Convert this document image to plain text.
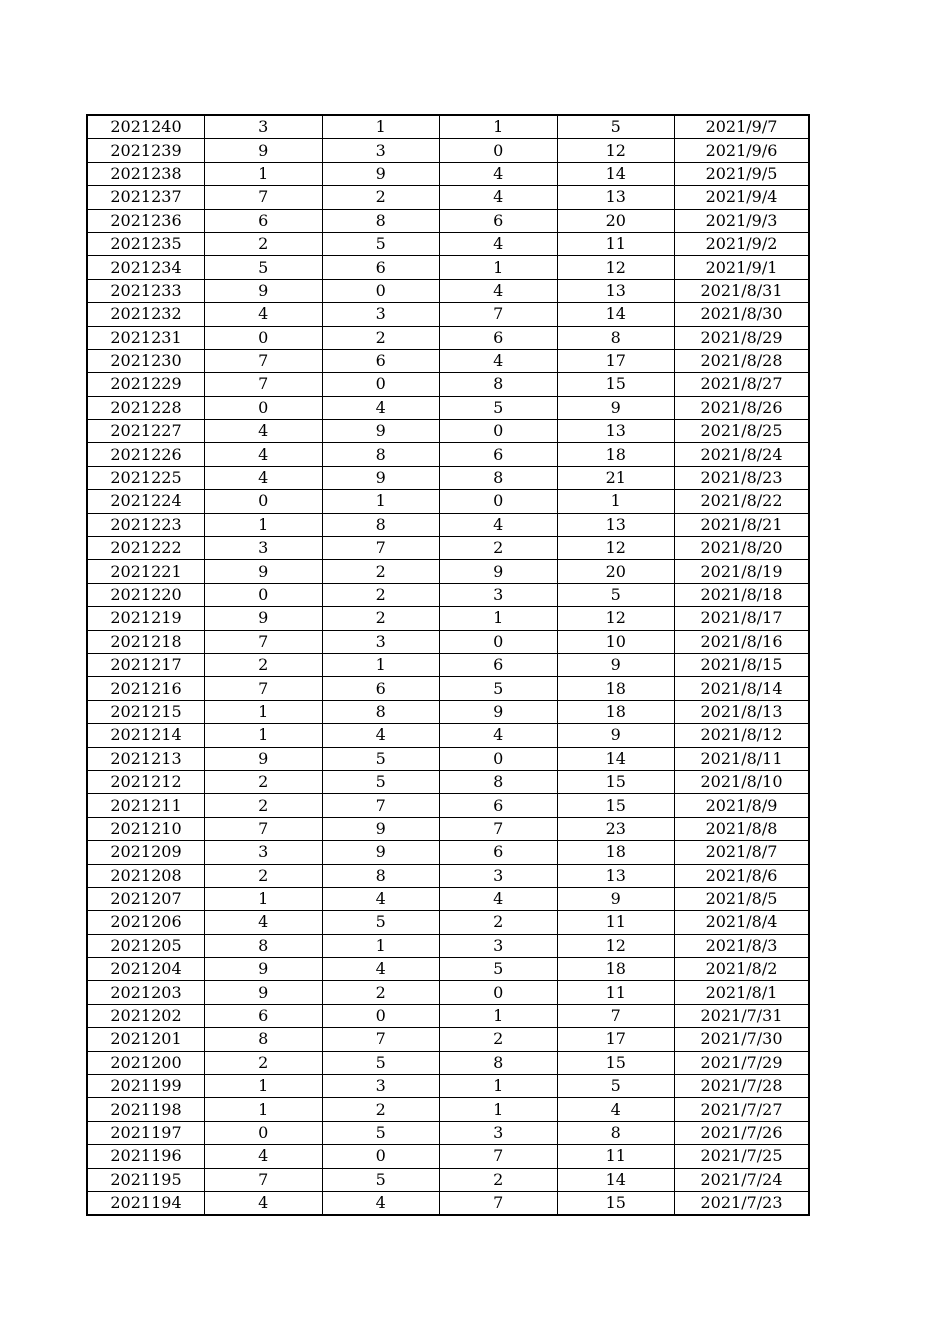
2021240	3	1	1	5	2021/9/7
2021239	9	3	0	12	2021/9/6
2021238	1	9	4	14	2021/9/5
2021237	7	2	4	13	2021/9/4
2021236	6	8	6	20	2021/9/3
2021235	2	5	4	11	2021/9/2
2021234	5	6	1	12	2021/9/1
2021233	9	0	4	13	2021/8/31
2021232	4	3	7	14	2021/8/30
2021231	0	2	6	8	2021/8/29
2021230	7	6	4	17	2021/8/28
2021229	7	0	8	15	2021/8/27
2021228	0	4	5	9	2021/8/26
2021227	4	9	0	13	2021/8/25
2021226	4	8	6	18	2021/8/24
2021225	4	9	8	21	2021/8/23
2021224	0	1	0	1	2021/8/22
2021223	1	8	4	13	2021/8/21
2021222	3	7	2	12	2021/8/20
2021221	9	2	9	20	2021/8/19
2021220	0	2	3	5	2021/8/18
2021219	9	2	1	12	2021/8/17
2021218	7	3	0	10	2021/8/16
2021217	2	1	6	9	2021/8/15
2021216	7	6	5	18	2021/8/14
2021215	1	8	9	18	2021/8/13
2021214	1	4	4	9	2021/8/12
2021213	9	5	0	14	2021/8/11
2021212	2	5	8	15	2021/8/10
2021211	2	7	6	15	2021/8/9
2021210	7	9	7	23	2021/8/8
2021209	3	9	6	18	2021/8/7
2021208	2	8	3	13	2021/8/6
2021207	1	4	4	9	2021/8/5
2021206	4	5	2	11	2021/8/4
2021205	8	1	3	12	2021/8/3
2021204	9	4	5	18	2021/8/2
2021203	9	2	0	11	2021/8/1
2021202	6	0	1	7	2021/7/31
2021201	8	7	2	17	2021/7/30
2021200	2	5	8	15	2021/7/29
2021199	1	3	1	5	2021/7/28
2021198	1	2	1	4	2021/7/27
2021197	0	5	3	8	2021/7/26
2021196	4	0	7	11	2021/7/25
2021195	7	5	2	14	2021/7/24
2021194	4	4	7	15	2021/7/23
